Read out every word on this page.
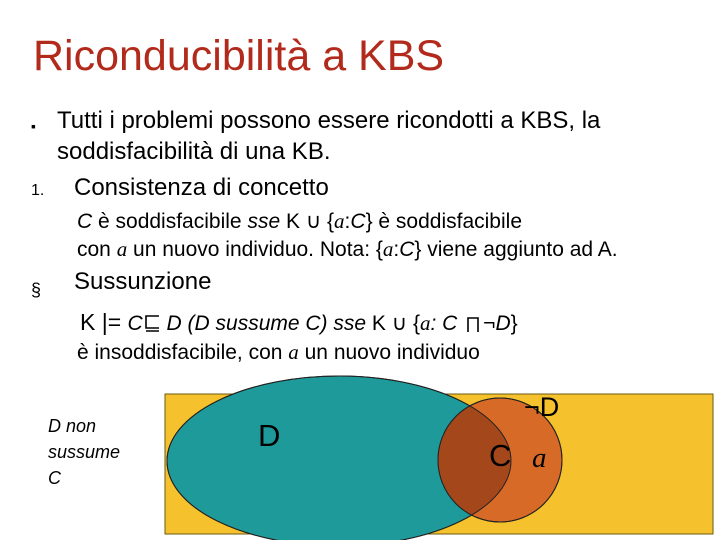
Riconducibilità a KBS
▪ Tutti i problemi possono essere ricondotti a KBS, la
soddisfacibilità di una KB.
1. Consistenza di concetto
C è soddisfacibile sse K ∪ {a:C} è soddisfacibile
con a un nuovo individuo. Nota: {a:C} viene aggiunto ad A.
§ Sussunzione
K |= C D (D sussume C) sse K ∪ {a: C ¬D}
è insoddisfacibile, con a un nuovo individuo
D non
sussume
C
D
C a
¬D
